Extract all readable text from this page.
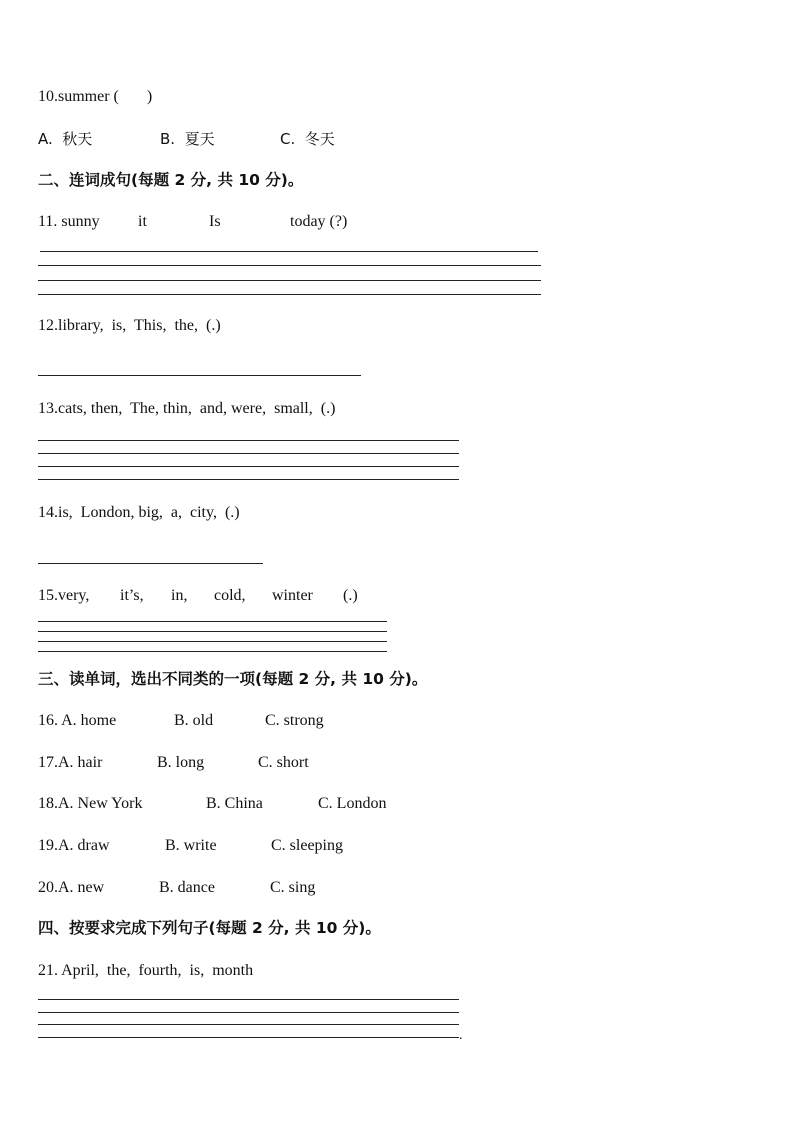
10.summer (       )
A.  秋天	B.  夏天	C.  冬天
二、连词成句(每题 2 分, 共 10 分)。
11. sunny it	Is	today (?)
12.library,  is,  This,  the,  (.)
13.cats, then,  The, thin,  and, were,  small,  (.)
14.is,  London, big,  a,  city,  (.)
15.very, it’s, in, cold, winter (.)
三、读单词，选出不同类的一项(每题 2 分, 共 10 分)。
16. A. home	B. old	C. strong
17.A. hair	B. long	C. short
18.A. New York	B. China	C. London
19.A. draw	B. write	C. sleeping
20.A. new	B. dance	C. sing
四、按要求完成下列句子(每题 2 分, 共 10 分)。
21. April,  the,  fourth,  is,  month
.
